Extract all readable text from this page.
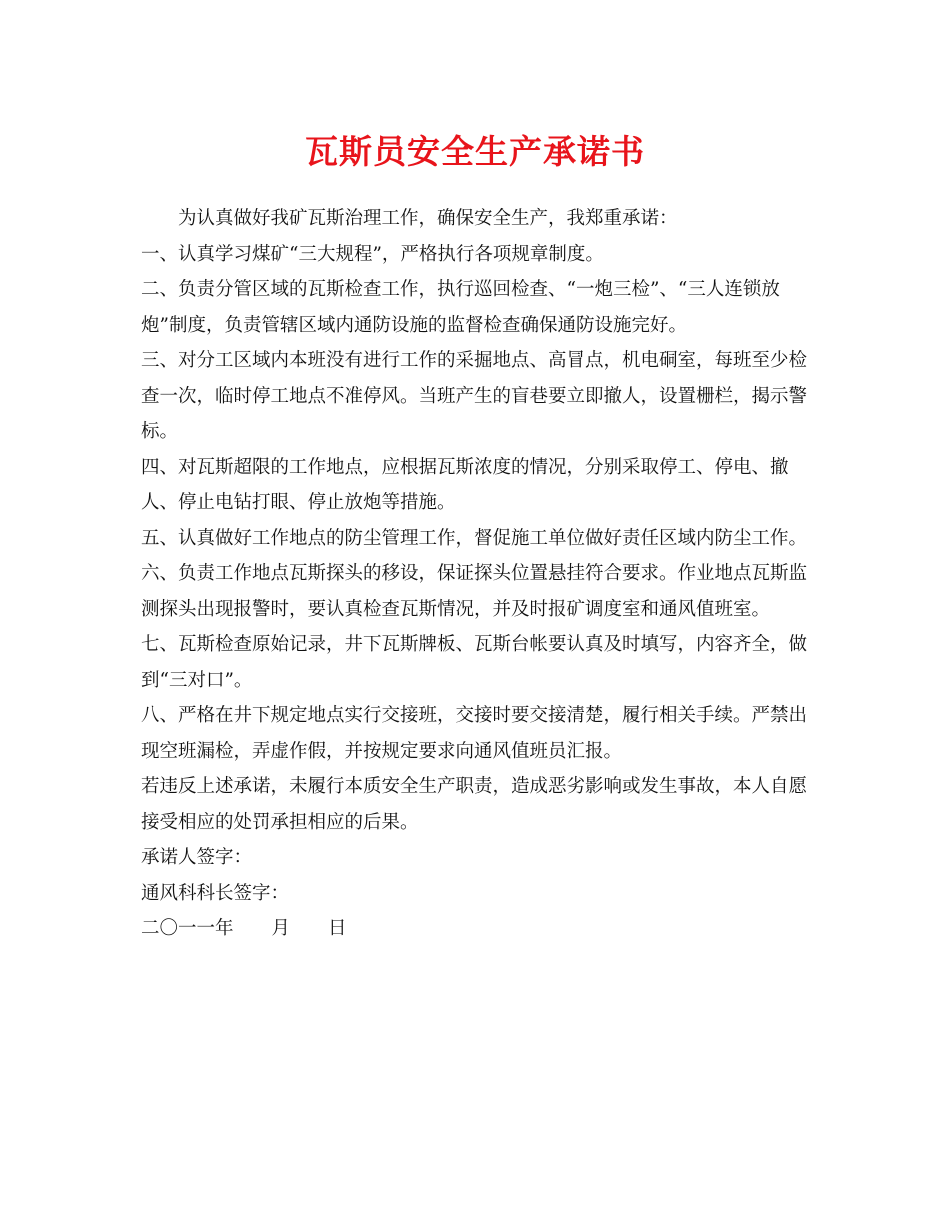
瓦斯员安全生产承诺书

为认真做好我矿瓦斯治理工作，确保安全生产，我郑重承诺：

一、认真学习煤矿“三大规程”，严格执行各项规章制度。

二、负责分管区域的瓦斯检查工作，执行巡回检查、“一炮三检”、“三人连锁放炮”制度，负责管辖区域内通防设施的监督检查确保通防设施完好。

三、对分工区域内本班没有进行工作的采掘地点、高冒点，机电硐室，每班至少检查一次，临时停工地点不准停风。当班产生的盲巷要立即撤人，设置栅栏，揭示警标。

四、对瓦斯超限的工作地点，应根据瓦斯浓度的情况，分别采取停工、停电、撤人、停止电钻打眼、停止放炮等措施。

五、认真做好工作地点的防尘管理工作，督促施工单位做好责任区域内防尘工作。

六、负责工作地点瓦斯探头的移设，保证探头位置悬挂符合要求。作业地点瓦斯监测探头出现报警时，要认真检查瓦斯情况，并及时报矿调度室和通风值班室。

七、瓦斯检查原始记录，井下瓦斯牌板、瓦斯台帐要认真及时填写，内容齐全，做到“三对口”。

八、严格在井下规定地点实行交接班，交接时要交接清楚，履行相关手续。严禁出现空班漏检，弄虚作假，并按规定要求向通风值班员汇报。

若违反上述承诺，未履行本质安全生产职责，造成恶劣影响或发生事故，本人自愿接受相应的处罚承担相应的后果。

承诺人签字：

通风科科长签字：

二〇一一年 月 日
